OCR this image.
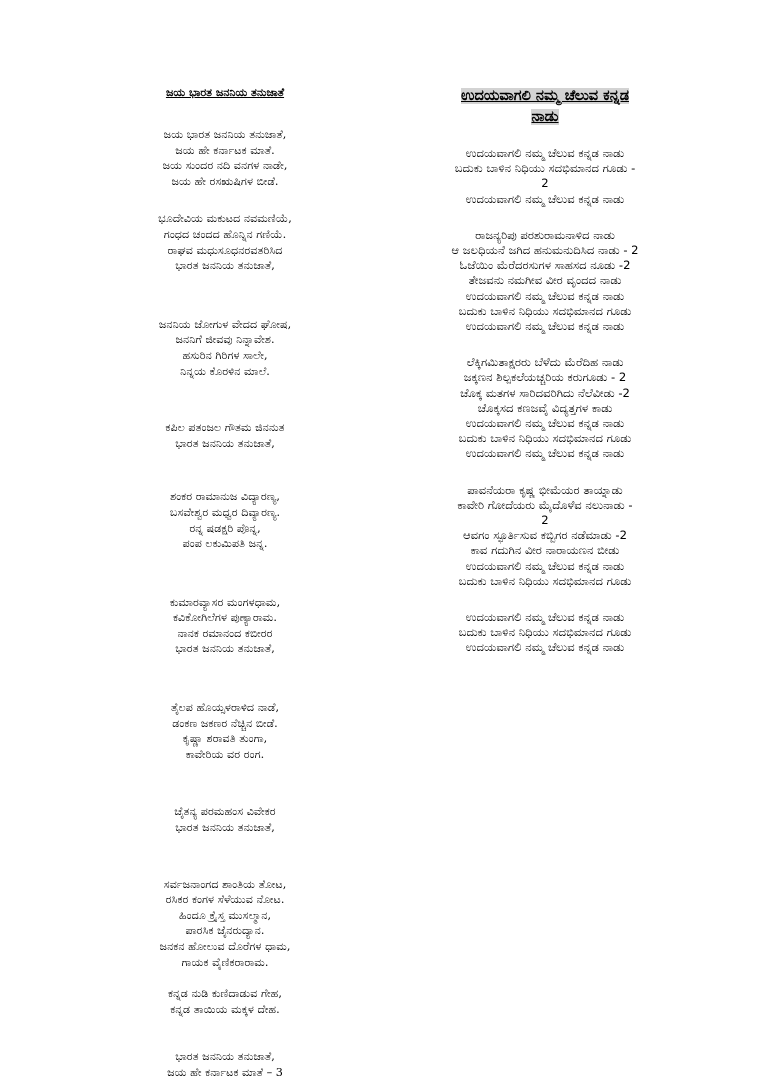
ಜಯ ಭಾರತ ಜನನಿಯ ತನುಜಾತೆ

ಜಯ ಭಾರತ ಜನನಿಯ ತನುಜಾತೆ,
ಜಯ ಹೇ ಕರ್ನಾಟಕ ಮಾತೆ.
ಜಯ ಸುಂದರ ನದಿ ವನಗಳ ನಾಡೇ,
ಜಯ ಹೇ ರಸಋಷಿಗಳ ಬೀಡೆ.
ಭೂದೇವಿಯ ಮಕುಟದ ನವಮಣಿಯೆ,
ಗಂಧದ ಚಂದದ ಹೊನ್ನಿನ ಗಣಿಯೆ.
ರಾಘವ ಮಧುಸೂಧನರವತರಿಸಿದ
ಭಾರತ ಜನನಿಯ ತನುಜಾತೆ,
ಜನನಿಯ ಜೋಗುಳ ವೇದದ ಘೋಷ,
ಜನನಿಗೆ ಜೀವವು ನಿನ್ನಾವೇಶ.
ಹಸುರಿನ ಗಿರಿಗಳ ಸಾಲೇ,
ನಿನ್ನಯ ಕೊರಳಿನ ಮಾಲೆ.
ಕಪಿಲ ಪತಂಜಲ ಗೌತಮ ಜಿನನುತ
ಭಾರತ ಜನನಿಯ ತನುಜಾತೆ,
ಶಂಕರ ರಾಮಾನುಜ ವಿದ್ಯಾರಣ್ಯ,
ಬಸವೇಶ್ವರ ಮಧ್ವರ ದಿವ್ಯಾರಣ್ಯ.
ರನ್ನ ಷಡಕ್ಷರಿ ಪೊನ್ನ,
ಪಂಪ ಲಕುಮಿಪತಿ ಜನ್ನ.
ಕುಮಾರವ್ಯಾಸರ ಮಂಗಳಧಾಮ,
ಕವಿಕೋಗಿಲೆಗಳ ಪುಣ್ಯಾರಾಮ.
ನಾನಕ ರಮಾನಂದ ಕಬೀರರ
ಭಾರತ ಜನನಿಯ ತನುಜಾತೆ,
ತೈಲಪ ಹೊಯ್ಸಳರಾಳಿದ ನಾಡೆ,
ಡಂಕಣ ಜಕಣರ ನೆಚ್ಚಿನ ಬೀಡೆ.
ಕೃಷ್ಣಾ ಶರಾವತಿ ತುಂಗಾ,
ಕಾವೇರಿಯ ವರ ರಂಗ.
ಚೈತನ್ಯ ಪರಮಹಂಸ ವಿವೇಕರ
ಭಾರತ ಜನನಿಯ ತನುಜಾತೆ,
ಸರ್ವಜನಾಂಗದ ಶಾಂತಿಯ ತೋಟ,
ರಸಿಕರ ಕಂಗಳ ಸೆಳೆಯುವ ನೋಟ.
ಹಿಂದೂ ಕ್ರೈಸ್ತ ಮುಸಲ್ಮಾನ,
ಪಾರಸಿಕ ಜೈನರುದ್ಯಾನ.
ಜನಕನ ಹೋಲುವ ದೊರೆಗಳ ಧಾಮ,
ಗಾಯಕ ವೈಣಿಕರಾರಾಮ.
ಕನ್ನಡ ನುಡಿ ಕುಣಿದಾಡುವ ಗೇಹ,
ಕನ್ನಡ ತಾಯಿಯ ಮಕ್ಕಳ ದೇಹ.
ಭಾರತ ಜನನಿಯ ತನುಜಾತೆ,
ಜಯ ಹೇ ಕರ್ನಾಟಕ ಮಾತೆ – 3

ಉದಯವಾಗಲಿ ನಮ್ಮ ಚೆಲುವ ಕನ್ನಡ
ನಾಡು

ಉದಯವಾಗಲಿ ನಮ್ಮ ಚೆಲುವ ಕನ್ನಡ ನಾಡು
ಬದುಕು ಬಾಳಿನ ನಿಧಿಯು ಸದಭಿಮಾನದ ಗೂಡು -
2
ಉದಯವಾಗಲಿ ನಮ್ಮ ಚೆಲುವ ಕನ್ನಡ ನಾಡು
ರಾಜನ್ಯರಿಪು ಪರಶುರಾಮನಾಳಿದ ನಾಡು
ಆ ಜಲಧಿಯನೆ ಜಗಿದ ಹನುಮನುದಿಸಿದ ನಾಡು - 2
ಓಜೆಯಿಂ ಮೆರೆದರಸುಗಳ ಸಾಹಸದ ನೂಡು -2
ತೇಜವನು ನಮಗೀವ ವೀರ ವೃಂದದ ನಾಡು
ಉದಯವಾಗಲಿ ನಮ್ಮ ಚೆಲುವ ಕನ್ನಡ ನಾಡು
ಬದುಕು ಬಾಳಿನ ನಿಧಿಯು ಸದಭಿಮಾನದ ಗೂಡು
ಉದಯವಾಗಲಿ ನಮ್ಮ ಚೆಲುವ ಕನ್ನಡ ನಾಡು
ಲೆಕ್ಕಿಗಮಿತಾಕ್ಷರರು ಬೆಳೆದು ಮೆರೆದಿಹ ನಾಡು
ಜಕ್ಕಣನ ಶಿಲ್ಪಕಲೆಯಚ್ಚರಿಯ ಕರುಗೂಡು - 2
ಚೊಕ್ಕ ಮತಗಳ ಸಾರಿದವರಿಗಿದು ನೆಲೆವೀಡು -2
ಚೊಕ್ಕಸದ ಕಣಜವೈ ವಿದ್ಯತ್ತಗಳ ಕಾಡು
ಉದಯವಾಗಲಿ ನಮ್ಮ ಚೆಲುವ ಕನ್ನಡ ನಾಡು
ಬದುಕು ಬಾಳಿನ ನಿಧಿಯು ಸದಭಿಮಾನದ ಗೂಡು
ಉದಯವಾಗಲಿ ನಮ್ಮ ಚೆಲುವ ಕನ್ನಡ ನಾಡು
ಪಾವನೆಯರಾ ಕೃಷ್ಣ ಭೀಮೆಯರ ತಾಯ್ನಾಡು
ಕಾವೇರಿ ಗೋದೆಯರು ಮೈದೊಳೆವ ನಲುನಾಡು -
2
ಆವಗಂ ಸ್ಫೂರ್ತಿಸುವ ಕಬ್ಬಿಗರ ನಡೆಮಾಡು -2
ಕಾವ ಗದುಗಿನ ವೀರ ನಾರಾಯಣನ ಬೀಡು
ಉದಯವಾಗಲಿ ನಮ್ಮ ಚೆಲುವ ಕನ್ನಡ ನಾಡು
ಬದುಕು ಬಾಳಿನ ನಿಧಿಯು ಸದಭಿಮಾನದ ಗೂಡು
ಉದಯವಾಗಲಿ ನಮ್ಮ ಚೆಲುವ ಕನ್ನಡ ನಾಡು
ಬದುಕು ಬಾಳಿನ ನಿಧಿಯು ಸದಭಿಮಾನದ ಗೂಡು
ಉದಯವಾಗಲಿ ನಮ್ಮ ಚೆಲುವ ಕನ್ನಡ ನಾಡು
